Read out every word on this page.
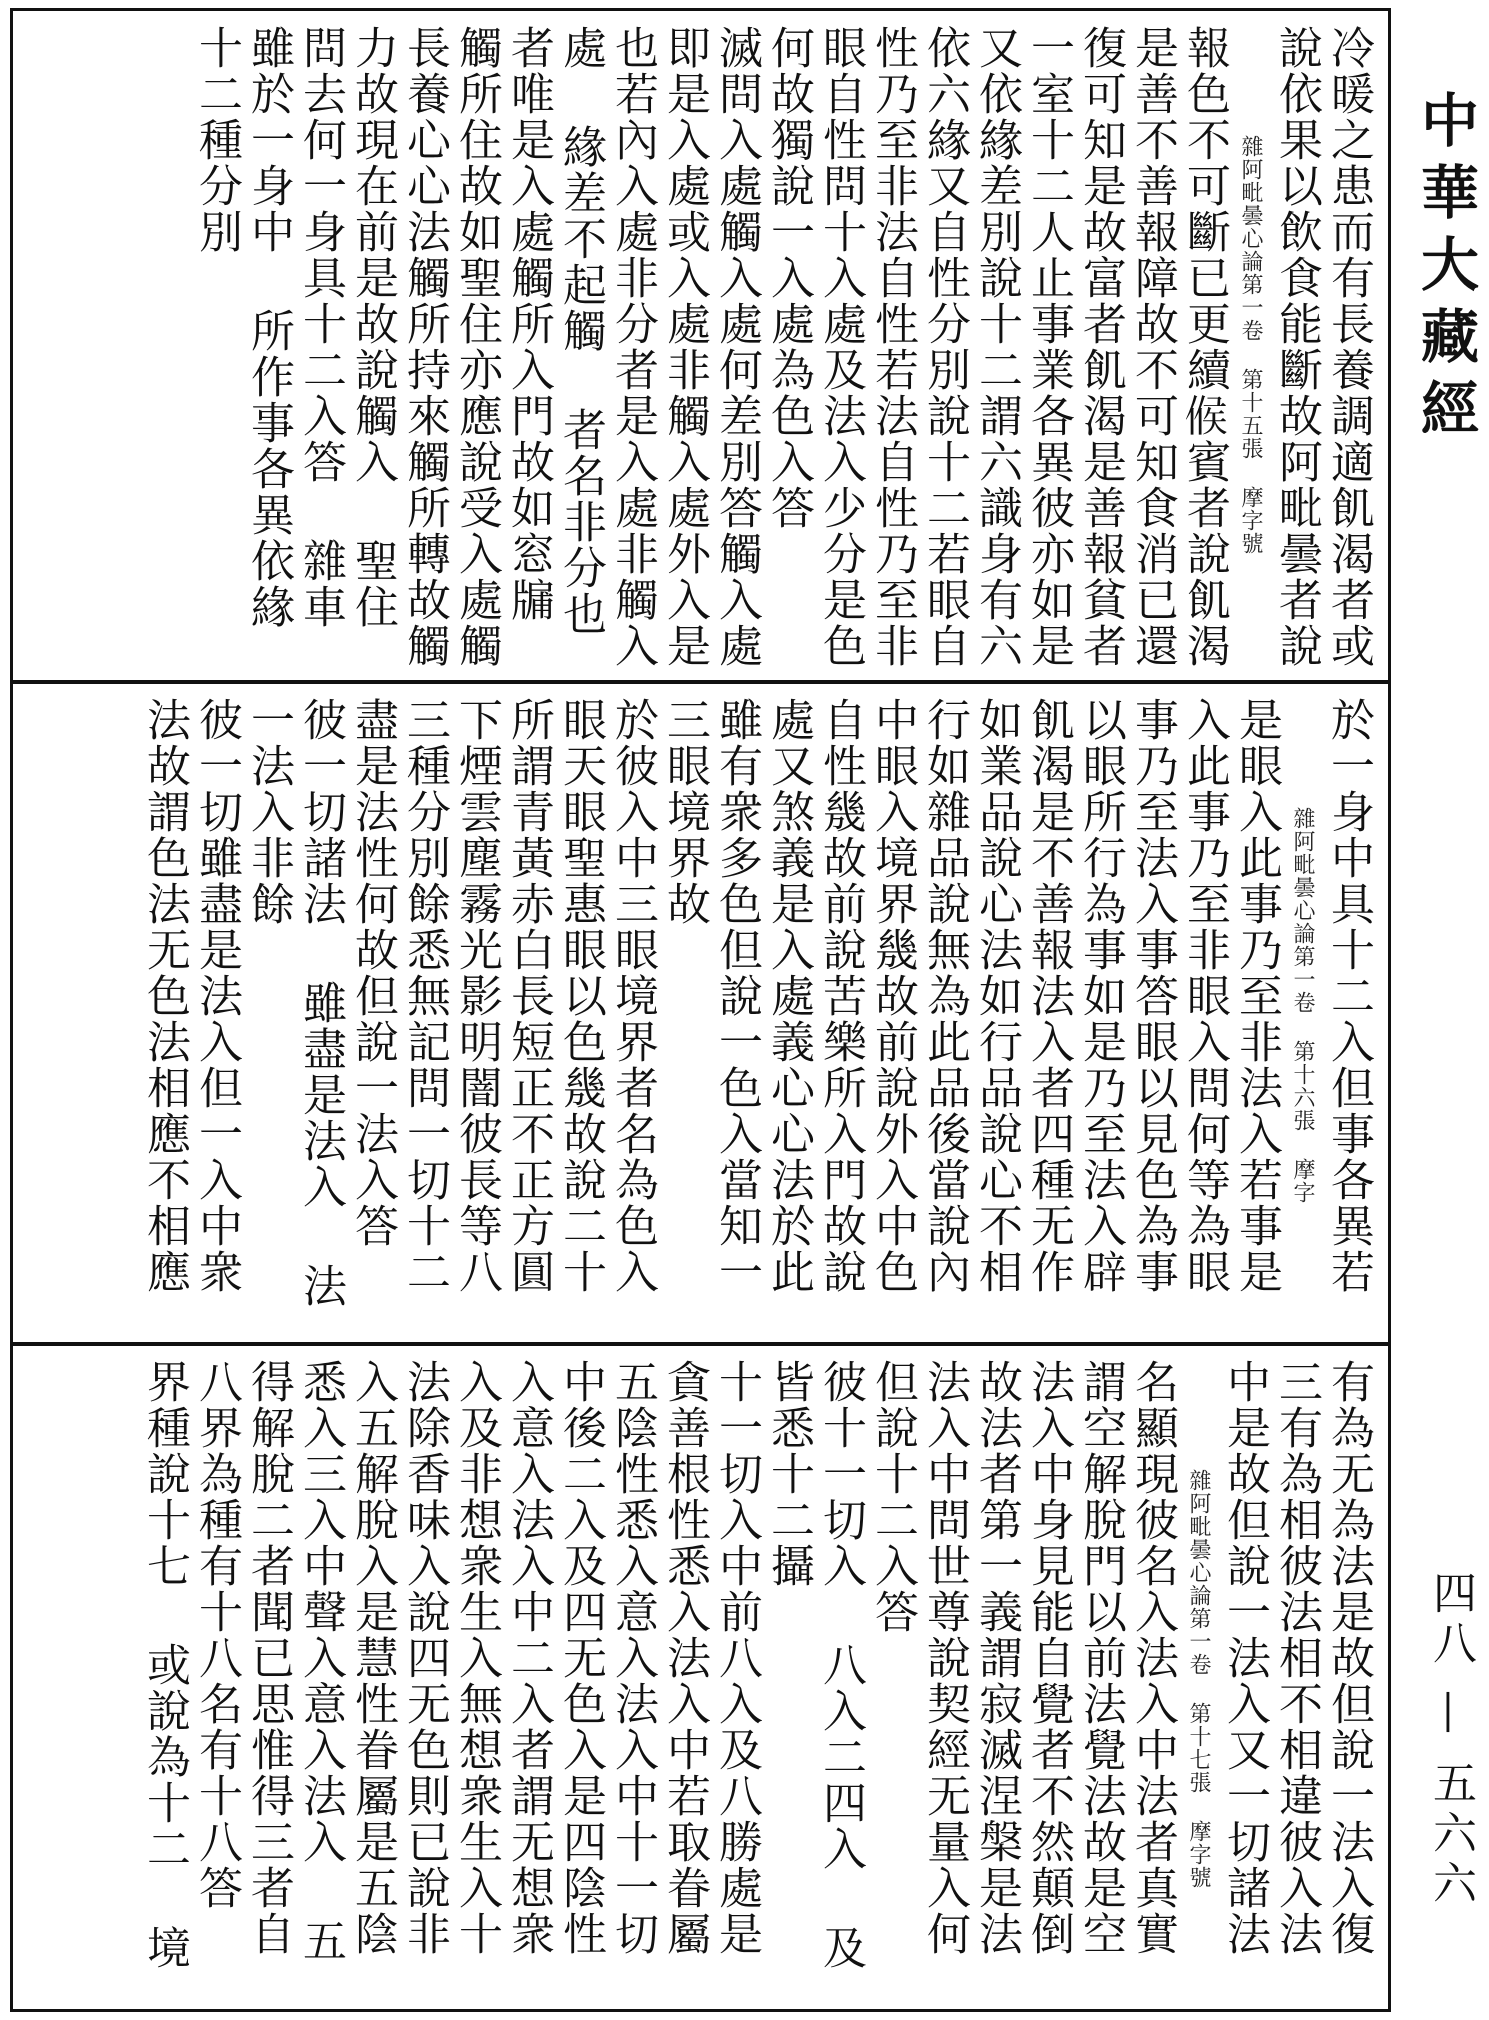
中華大藏經
四八 — 五六六
冷暖之患而有長養調適飢渴者或
說依果以飲食能斷故阿毗曇者說
雜阿毗曇心論第一卷 第十五張 摩字號
報色不可斷已更續𠋫賓者說飢渴
是善不善報障故不可知食消已還
復可知是故富者飢渴是善報貧者
一室十二人止事業各異彼亦如是
又依緣差別說十二謂六識身有六
依六緣又自性分別說十二若眼自
性乃至非法自性若法自性乃至非
眼自性問十入處及法入少分是色
何故獨說一入處為色入答
滅問入處觸入處何差別答觸入處
即是入處或入處非觸入處外入是
也若內入處非分者是入處非觸入
處 緣差不起觸 者名非分也
者唯是入處觸所入門故如窓牖
觸所住故如聖住亦應說受入處觸
長養心心法觸所持來觸所轉故觸
力故現在前是故說觸入 聖住
問去何一身具十二入答 雜車
雖於一身中 所作事各異依緣
十二種分別
於一身中具十二入但事各異若
雜阿毗曇心論第一卷 第十六張 摩字
是眼入此事乃至非法入若事是
入此事乃至非眼入問何等為眼
事乃至法入事答眼以見色為事
以眼所行為事如是乃至法入辟
飢渴是不善報法入者四種无作
如業品說心法如行品說心不相
行如雜品說無為此品後當說內
中眼入境界㡬故前說外入中色
自性㡬故前說苦樂所入門故說
處又煞義是入處義心心法於此
雖有衆多色但說一色入當知一
三眼境界故
於彼入中三眼境界者名為色入
眼天眼聖惠眼以色㡬故說二十
所謂青黃赤白長短正不正方圓
下煙雲塵霧光影明闇彼長等八
三種分別餘悉無記問一切十二
盡是法性何故但說一法入答
彼一切諸法 雖盡是法入 法
一法入非餘
彼一切雖盡是法入但一入中衆
法故謂色法无色法相應不相應
有為无為法是故但說一法入復
三有為相彼法相不相違彼入法
中是故但說一法入又一切諸法
雜阿毗曇心論第一卷 第十七張 摩字號
名顯現彼名入法入中法者真實
謂空解脫門以前法覺法故是空
法入中身見能自覺者不然顛倒
故法者第一義謂寂滅涅槃是法
法入中問世尊說契經无量入何
但說十二入答
彼十一切入 八入二四入 及
皆悉十二攝
十一切入中前八入及八勝處是
貪善根性悉入法入中若取眷屬
五陰性悉入意入法入中十一切
中後二入及四无色入是四陰性
入意入法入中二入者謂无想衆
入及非想衆生入無想衆生入十
法除香味入說四无色則已說非
入五解脫入是慧性眷屬是五陰
悉入三入中聲入意入法入 五
得解脫二者聞已思惟得三者自
八界為種有十八名有十八答
界種說十七 或說為十二 境
